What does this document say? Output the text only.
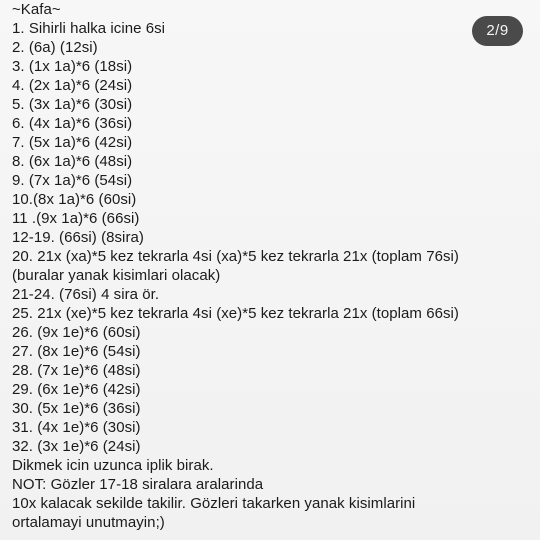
~Kafa~
1. Sihirli halka icine 6si
2. (6a) (12si)
3. (1x 1a)*6 (18si)
4. (2x 1a)*6 (24si)
5. (3x 1a)*6 (30si)
6. (4x 1a)*6 (36si)
7. (5x 1a)*6 (42si)
8. (6x 1a)*6 (48si)
9. (7x 1a)*6 (54si)
10.(8x 1a)*6 (60si)
11 .(9x 1a)*6 (66si)
12-19. (66si) (8sira)
20. 21x (xa)*5 kez tekrarla 4si (xa)*5 kez tekrarla 21x (toplam 76si)
(buralar yanak kisimlari olacak)
21-24. (76si) 4 sira ör.
25. 21x (xe)*5 kez tekrarla 4si (xe)*5 kez tekrarla 21x (toplam 66si)
26. (9x 1e)*6 (60si)
27. (8x 1e)*6 (54si)
28. (7x 1e)*6 (48si)
29. (6x 1e)*6 (42si)
30. (5x 1e)*6 (36si)
31. (4x 1e)*6 (30si)
32. (3x 1e)*6 (24si)
Dikmek icin uzunca iplik birak.
NOT: Gözler 17-18 siralara aralarinda
10x kalacak sekilde takilir. Gözleri takarken yanak kisimlarini
ortalamayi unutmayin;)
2/9
